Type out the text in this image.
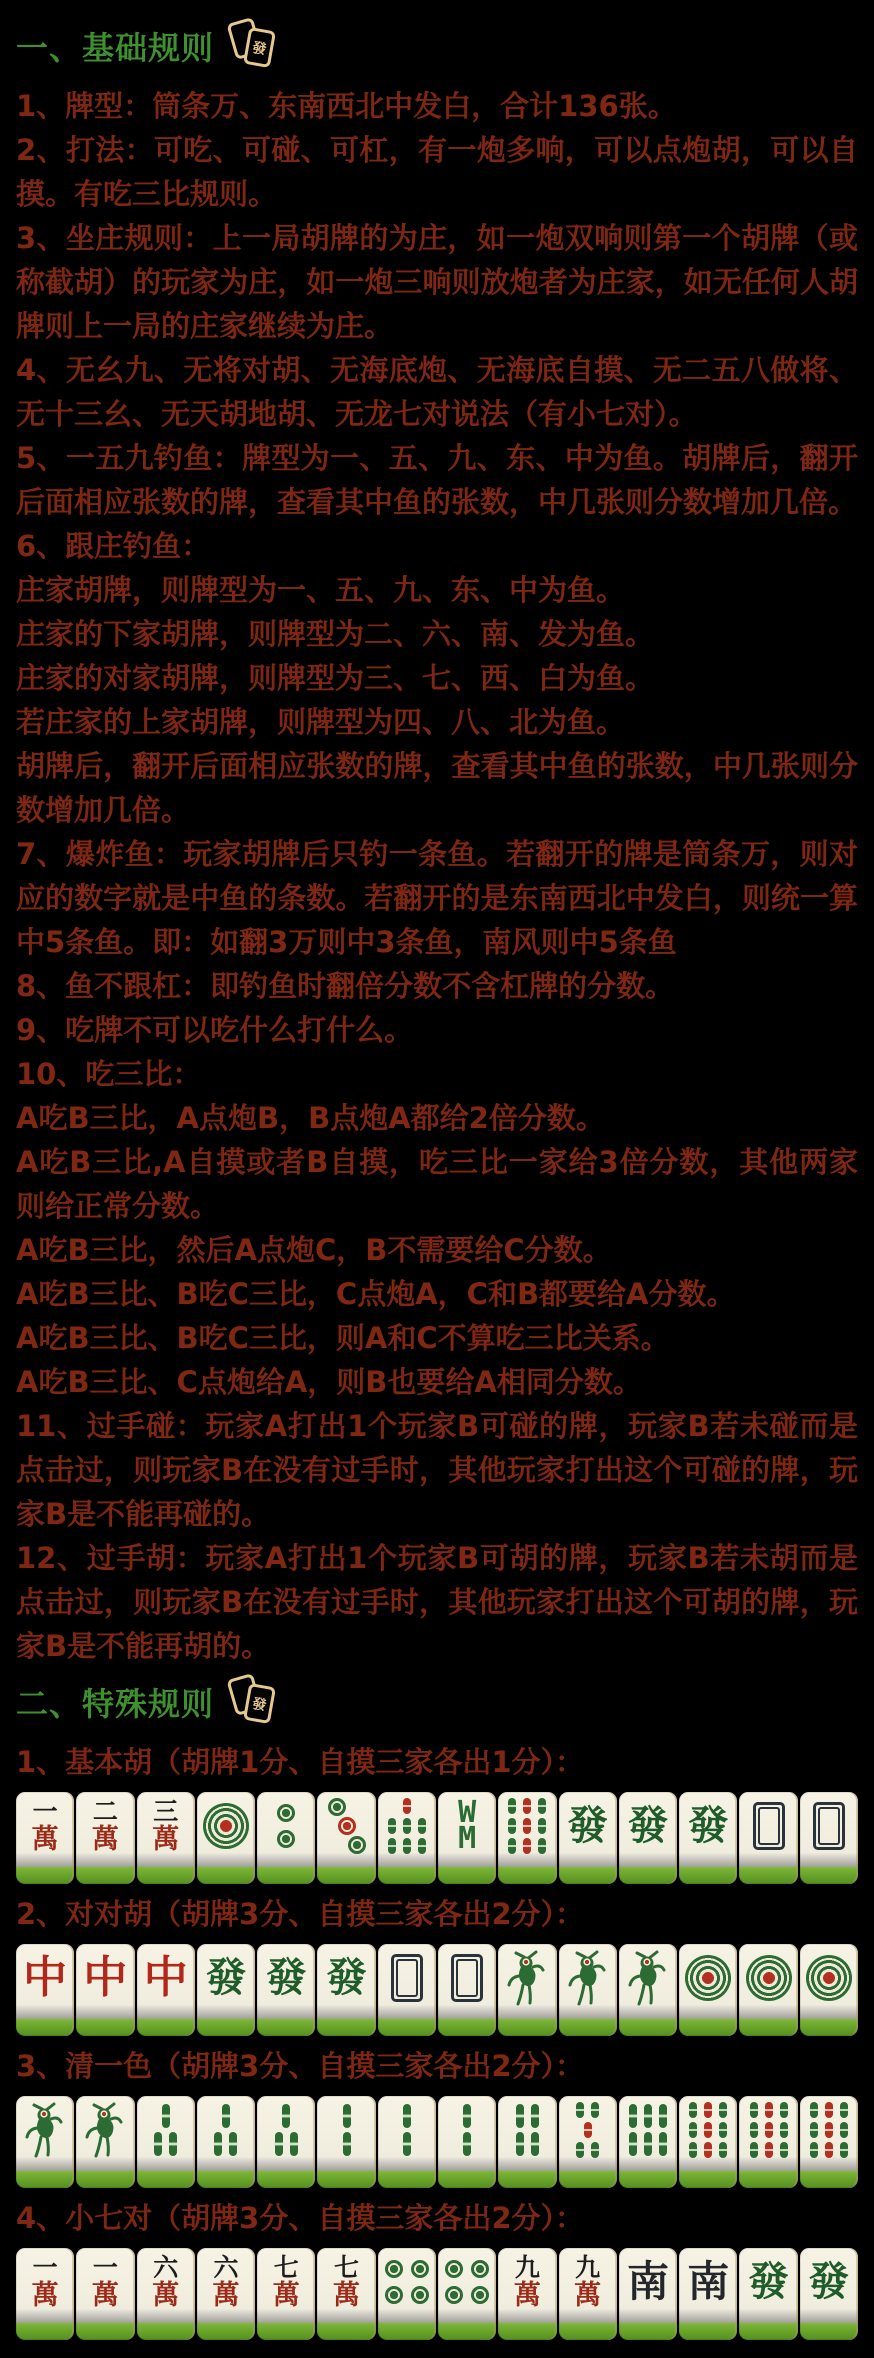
一、基础规则	發

1、牌型：筒条万、东南西北中发白，合计136张。

2、打法：可吃、可碰、可杠，有一炮多响，可以点炮胡，可以自摸。有吃三比规则。

3、坐庄规则：上一局胡牌的为庄，如一炮双响则第一个胡牌（或称截胡）的玩家为庄，如一炮三响则放炮者为庄家，如无任何人胡牌则上一局的庄家继续为庄。

4、无幺九、无将对胡、无海底炮、无海底自摸、无二五八做将、无十三幺、无天胡地胡、无龙七对说法（有小七对）。

5、一五九钓鱼：牌型为一、五、九、东、中为鱼。胡牌后，翻开后面相应张数的牌，查看其中鱼的张数，中几张则分数增加几倍。

6、跟庄钓鱼：

庄家胡牌，则牌型为一、五、九、东、中为鱼。

庄家的下家胡牌，则牌型为二、六、南、发为鱼。

庄家的对家胡牌，则牌型为三、七、西、白为鱼。

若庄家的上家胡牌，则牌型为四、八、北为鱼。

胡牌后，翻开后面相应张数的牌，查看其中鱼的张数，中几张则分数增加几倍。

7、爆炸鱼：玩家胡牌后只钓一条鱼。若翻开的牌是筒条万，则对应的数字就是中鱼的条数。若翻开的是东南西北中发白，则统一算中5条鱼。即：如翻3万则中3条鱼，南风则中5条鱼

8、鱼不跟杠：即钓鱼时翻倍分数不含杠牌的分数。

9、吃牌不可以吃什么打什么。

10、吃三比：

A吃B三比，A点炮B，B点炮A都给2倍分数。

A吃B三比,A自摸或者B自摸，吃三比一家给3倍分数，其他两家则给正常分数。

A吃B三比，然后A点炮C，B不需要给C分数。

A吃B三比、B吃C三比，C点炮A，C和B都要给A分数。

A吃B三比、B吃C三比，则A和C不算吃三比关系。

A吃B三比、C点炮给A，则B也要给A相同分数。

11、过手碰：玩家A打出1个玩家B可碰的牌，玩家B若未碰而是点击过，则玩家B在没有过手时，其他玩家打出这个可碰的牌，玩家B是不能再碰的。

12、过手胡：玩家A打出1个玩家B可胡的牌，玩家B若未胡而是点击过，则玩家B在没有过手时，其他玩家打出这个可胡的牌，玩家B是不能再胡的。

二、特殊规则	發

1、基本胡（胡牌1分、自摸三家各出1分）：

一
萬
二
萬
三
萬
W
M 發 發 發

2、对对胡（胡牌3分、自摸三家各出2分）：

中 中 中 發 發 發

3、清一色（胡牌3分、自摸三家各出2分）：

4、小七对（胡牌3分、自摸三家各出2分）：

一
萬
一
萬
六
萬
六
萬
七
萬
七
萬
九
萬
九
萬 南 南 發 發
